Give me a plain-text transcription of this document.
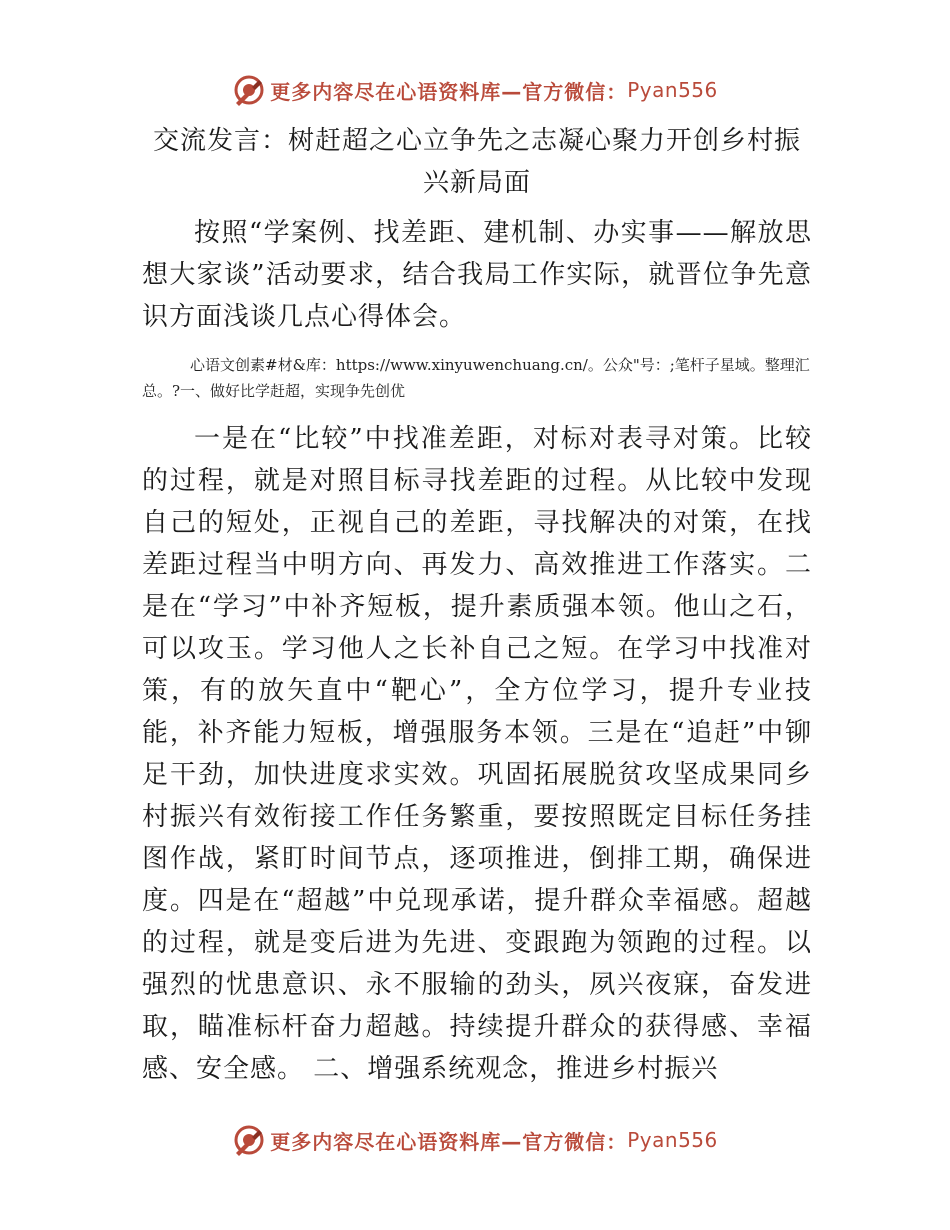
更多内容尽在心语资料库—官方微信： Pyan556
交流发言：树赶超之心立争先之志凝心聚力开创乡村振兴新局面

按照“学案例、找差距、建机制、办实事——解放思想大家谈”活动要求，结合我局工作实际，就晋位争先意识方面浅谈几点心得体会。

心语文创素#材&库：https://www.xinyuwenchuang.cn/。公众"号：;笔杆子星域。整理汇总。?一、做好比学赶超，实现争先创优

一是在“比较”中找准差距，对标对表寻对策。比较的过程，就是对照目标寻找差距的过程。从比较中发现自己的短处，正视自己的差距，寻找解决的对策，在找差距过程当中明方向、再发力、高效推进工作落实。二是在“学习”中补齐短板，提升素质强本领。他山之石，可以攻玉。学习他人之长补自己之短。在学习中找准对策，有的放矢直中“靶心”，全方位学习，提升专业技能，补齐能力短板，增强服务本领。三是在“追赶”中铆足干劲，加快进度求实效。巩固拓展脱贫攻坚成果同乡村振兴有效衔接工作任务繁重，要按照既定目标任务挂图作战，紧盯时间节点，逐项推进，倒排工期，确保进度。四是在“超越”中兑现承诺，提升群众幸福感。超越的过程，就是变后进为先进、变跟跑为领跑的过程。以强烈的忧患意识、永不服输的劲头，夙兴夜寐，奋发进取，瞄准标杆奋力超越。持续提升群众的获得感、幸福感、安全感。 二、增强系统观念，推进乡村振兴

更多内容尽在心语资料库—官方微信： Pyan556
